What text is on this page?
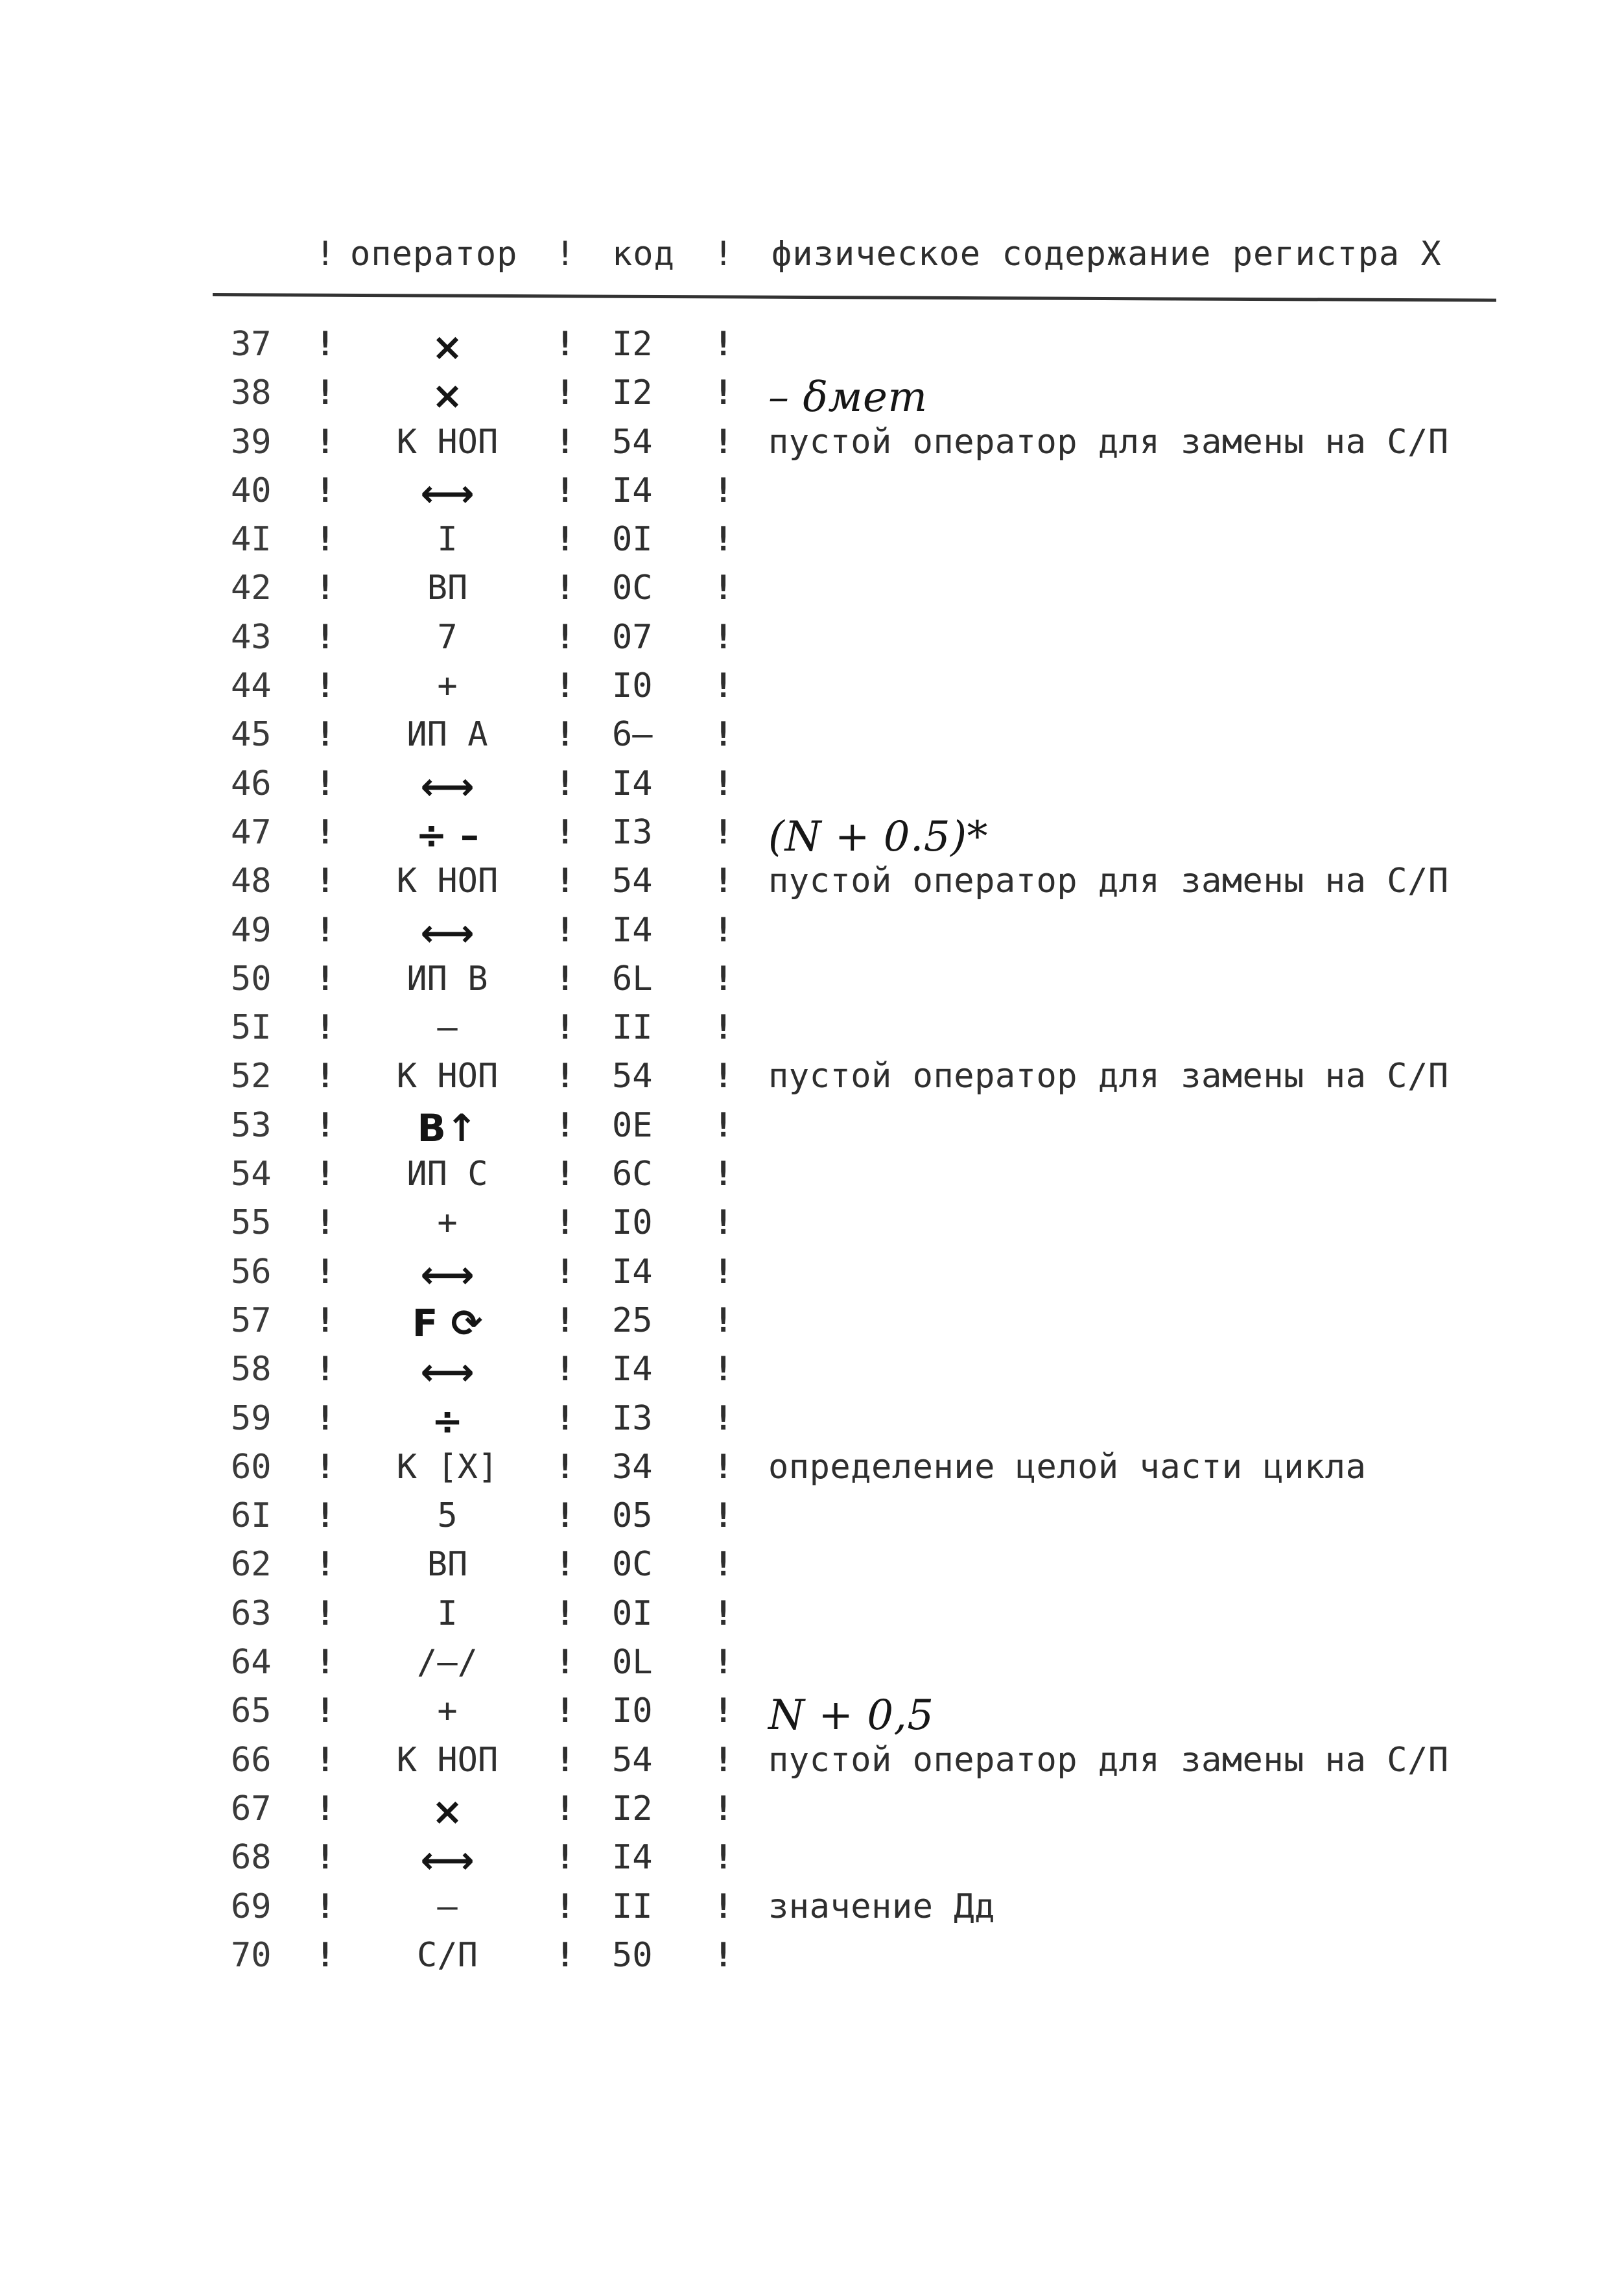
! оператор ! код ! физическое содержание регистра Х
37	!	×	! I2	!
38	!	×	! I2	! – δмет
39	!	К НОП	! 54	! пустой оператор для замены на С/П
40	!	⟷	! I4	!
4I	!	I	! 0I	!
42	!	ВП	! 0С	!
43	!	7	! 07	!
44	!	+	! I0	!
45	!	ИП А	! 6–	!
46	!	⟷	! I4	!
47	!	÷ –	! I3	! (N + 0.5)*
48	!	К НОП	! 54	! пустой оператор для замены на С/П
49	!	⟷	! I4	!
50	!	ИП В	! 6L	!
5I	!	–	! II	!
52	!	К НОП	! 54	! пустой оператор для замены на С/П
53	!	В↑	! 0Е	!
54	!	ИП С	! 6С	!
55	!	+	! I0	!
56	!	⟷	! I4	!
57	!	F ⟳	! 25	!
58	!	⟷	! I4	!
59	!	÷	! I3	!
60	!	К [X]	! 34	! определение целой части цикла
6I	!	5	! 05	!
62	!	ВП	! 0С	!
63	!	I	! 0I	!
64	!	/–/	! 0L	!
65	!	+	! I0	! N + 0,5
66	!	К НОП	! 54	! пустой оператор для замены на С/П
67	!	×	! I2	!
68	!	⟷	! I4	!
69	!	–	! II	! значение Дд
70	!	С/П	! 50	!
